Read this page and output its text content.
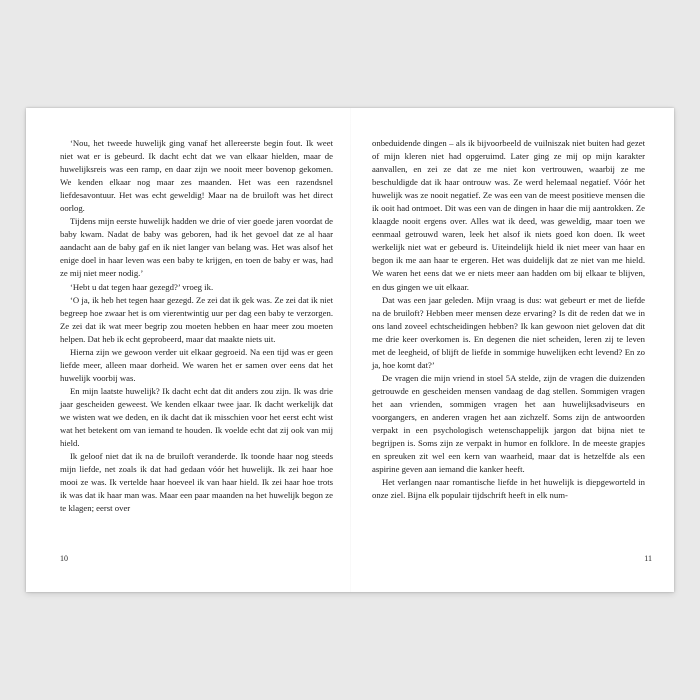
‘Nou, het tweede huwelijk ging vanaf het allereerste begin fout. Ik weet niet wat er is gebeurd. Ik dacht echt dat we van elkaar hielden, maar de huwelijksreis was een ramp, en daar zijn we nooit meer bovenop gekomen. We kenden elkaar nog maar zes maanden. Het was een razendsnel liefdesavontuur. Het was echt geweldig! Maar na de bruiloft was het direct oorlog.

Tijdens mijn eerste huwelijk hadden we drie of vier goede jaren voordat de baby kwam. Nadat de baby was geboren, had ik het gevoel dat ze al haar aandacht aan de baby gaf en ik niet langer van belang was. Het was alsof het enige doel in haar leven was een baby te krijgen, en toen de baby er was, had ze mij niet meer nodig.’

‘Hebt u dat tegen haar gezegd?’ vroeg ik.

‘O ja, ik heb het tegen haar gezegd. Ze zei dat ik gek was. Ze zei dat ik niet begreep hoe zwaar het is om vierentwintig uur per dag een baby te verzorgen. Ze zei dat ik wat meer begrip zou moeten hebben en haar meer zou moeten helpen. Dat heb ik echt geprobeerd, maar dat maakte niets uit.

Hierna zijn we gewoon verder uit elkaar gegroeid. Na een tijd was er geen liefde meer, alleen maar dorheid. We waren het er samen over eens dat het huwelijk voorbij was.

En mijn laatste huwelijk? Ik dacht echt dat dit anders zou zijn. Ik was drie jaar gescheiden geweest. We kenden elkaar twee jaar. Ik dacht werkelijk dat we wisten wat we deden, en ik dacht dat ik misschien voor het eerst echt wist wat het betekent om van iemand te houden. Ik voelde echt dat zij ook van mij hield.

Ik geloof niet dat ik na de bruiloft veranderde. Ik toonde haar nog steeds mijn liefde, net zoals ik dat had gedaan vóór het huwelijk. Ik zei haar hoe mooi ze was. Ik vertelde haar hoeveel ik van haar hield. Ik zei haar hoe trots ik was dat ik haar man was. Maar een paar maanden na het huwelijk begon ze te klagen; eerst over

10

onbeduidende dingen – als ik bijvoorbeeld de vuilniszak niet buiten had gezet of mijn kleren niet had opgeruimd. Later ging ze mij op mijn karakter aanvallen, en zei ze dat ze me niet kon vertrouwen, waarbij ze me beschuldigde dat ik haar ontrouw was. Ze werd helemaal negatief. Vóór het huwelijk was ze nooit negatief. Ze was een van de meest positieve mensen die ik ooit had ontmoet. Dit was een van de dingen in haar die mij aantrokken. Ze klaagde nooit ergens over. Alles wat ik deed, was geweldig, maar toen we eenmaal getrouwd waren, leek het alsof ik niets goed kon doen. Ik weet werkelijk niet wat er gebeurd is. Uiteindelijk hield ik niet meer van haar en begon ik me aan haar te ergeren. Het was duidelijk dat ze niet van me hield. We waren het eens dat we er niets meer aan hadden om bij elkaar te blijven, en dus gingen we uit elkaar.

Dat was een jaar geleden. Mijn vraag is dus: wat gebeurt er met de liefde na de bruiloft? Hebben meer mensen deze ervaring? Is dit de reden dat we in ons land zoveel echtscheidingen hebben? Ik kan gewoon niet geloven dat dit me drie keer overkomen is. En degenen die niet scheiden, leren zij te leven met de leegheid, of blijft de liefde in sommige huwelijken echt levend? En zo ja, hoe komt dat?’

De vragen die mijn vriend in stoel 5A stelde, zijn de vragen die duizenden getrouwde en gescheiden mensen vandaag de dag stellen. Sommigen vragen het aan vrienden, sommigen vragen het aan huwelijksadviseurs en voorgangers, en anderen vragen het aan zichzelf. Soms zijn de antwoorden verpakt in een psychologisch wetenschappelijk jargon dat bijna niet te begrijpen is. Soms zijn ze verpakt in humor en folklore. In de meeste grapjes en spreuken zit wel een kern van waarheid, maar dat is hetzelfde als een aspirine geven aan iemand die kanker heeft.

Het verlangen naar romantische liefde in het huwelijk is diepgeworteld in onze ziel. Bijna elk populair tijdschrift heeft in elk num-

11
